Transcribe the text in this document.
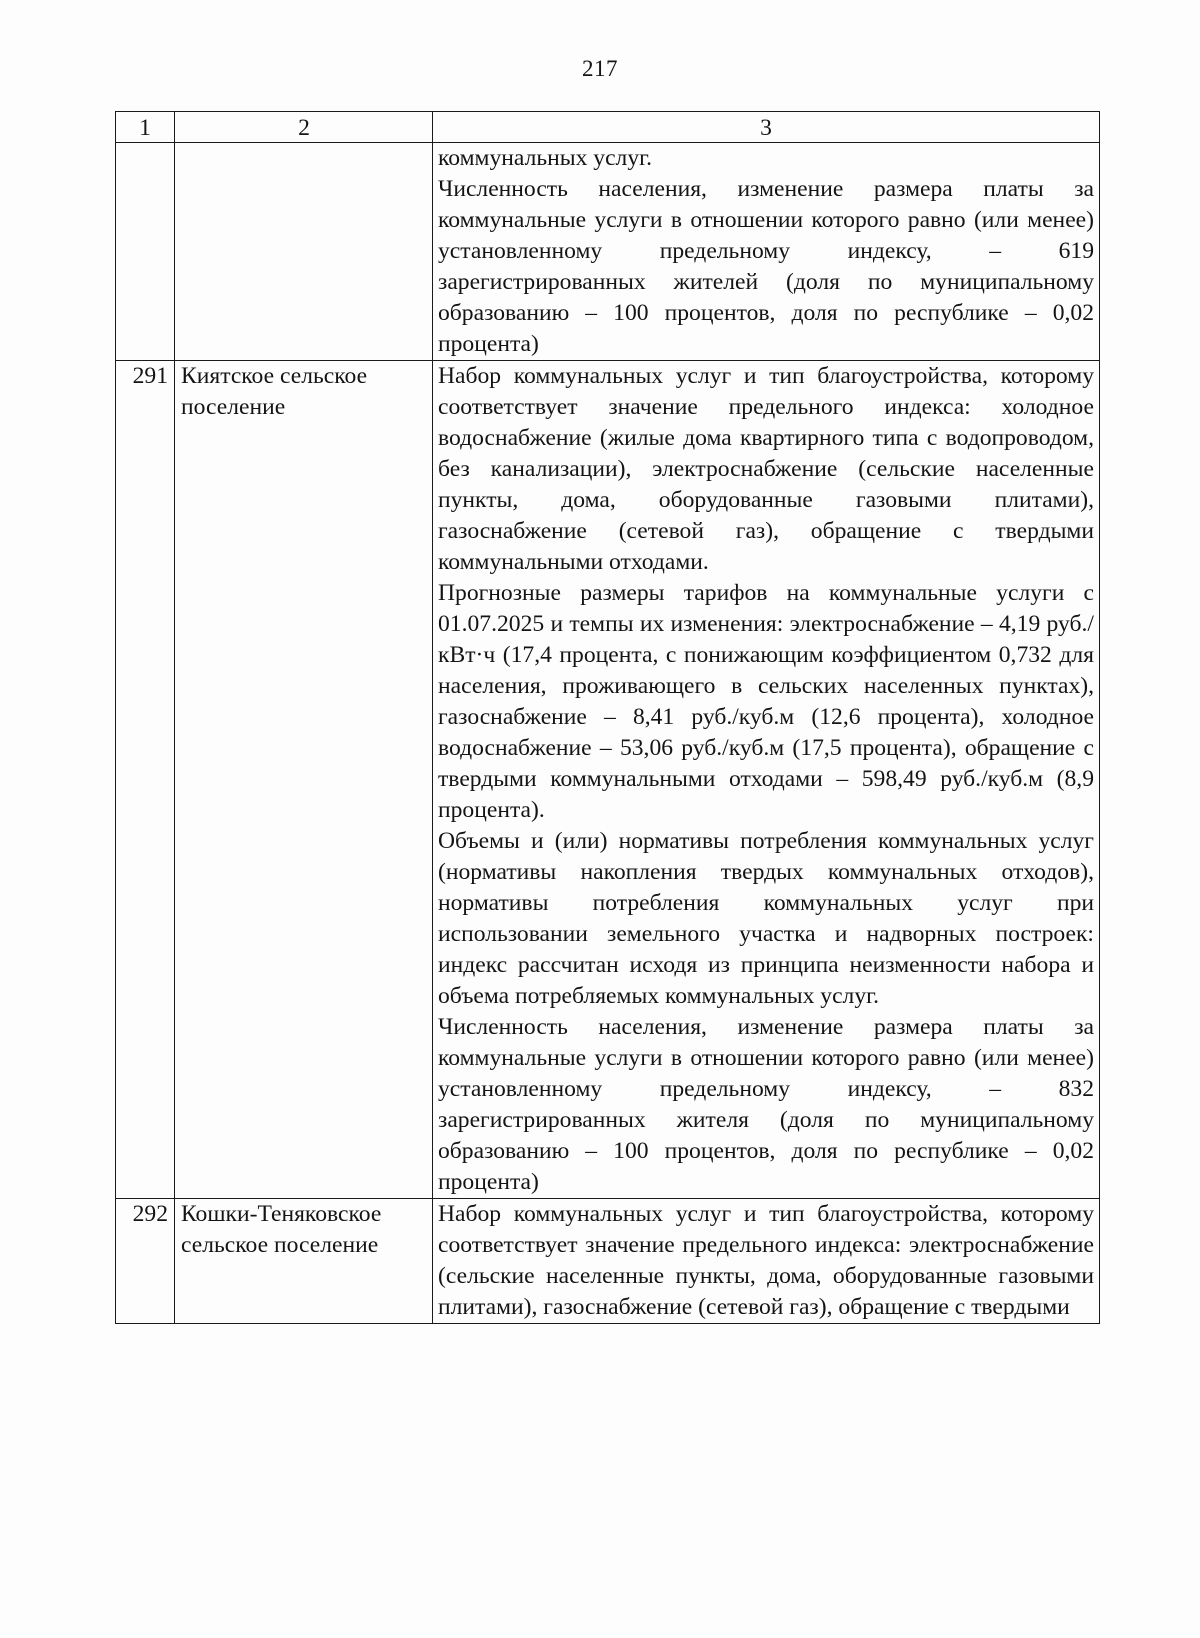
217
1	2	3

		коммунальных услуг.

Численность населения, изменение размера платы за коммунальные услуги в отношении которого равно (или менее) установленному предельному индексу, – 619 зарегистрированных жителей (доля по муниципальному образованию – 100 процентов, доля по республике – 0,02 процента)

291	Киятское сельское поселение	Набор коммунальных услуг и тип благоустройства, которому соответствует значение предельного индекса: холодное водоснабжение (жилые дома квартирного типа с водопроводом, без канализации), электроснабжение (сельские населенные пункты, дома, оборудованные газовыми плитами), газоснабжение (сетевой газ), обращение с твердыми коммунальными отходами.

Прогнозные размеры тарифов на коммунальные услуги с 01.07.2025 и темпы их изменения: электроснабжение – 4,19 руб./кВт·ч (17,4 процента, с понижающим коэффициентом 0,732 для населения, проживающего в сельских населенных пунктах), газоснабжение – 8,41 руб./куб.м (12,6 процента), холодное водоснабжение – 53,06 руб./куб.м (17,5 процента), обращение с твердыми коммунальными отходами – 598,49 руб./куб.м (8,9 процента).

Объемы и (или) нормативы потребления коммунальных услуг (нормативы накопления твердых коммунальных отходов), нормативы потребления коммунальных услуг при использовании земельного участка и надворных построек: индекс рассчитан исходя из принципа неизменности набора и объема потребляемых коммунальных услуг.

Численность населения, изменение размера платы за коммунальные услуги в отношении которого равно (или менее) установленному предельному индексу, – 832 зарегистрированных жителя (доля по муниципальному образованию – 100 процентов, доля по республике – 0,02 процента)

292	Кошки-Теняковское сельское поселение	Набор коммунальных услуг и тип благоустройства, которому соответствует значение предельного индекса: электроснабжение (сельские населенные пункты, дома, оборудованные газовыми плитами), газоснабжение (сетевой газ), обращение с твердыми
